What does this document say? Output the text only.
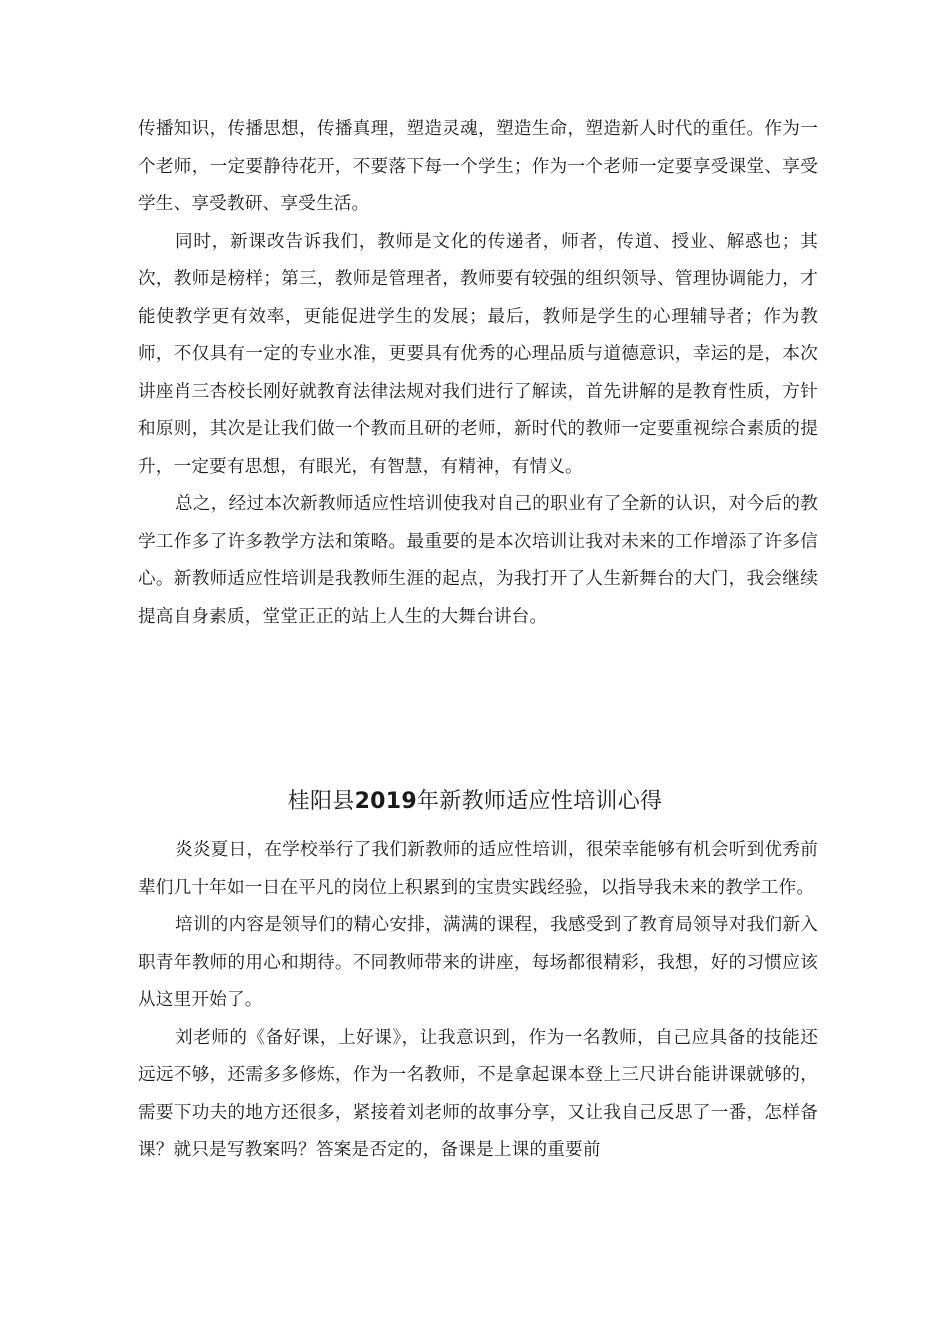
传播知识，传播思想，传播真理，塑造灵魂，塑造生命，塑造新人时代的重任。作为一个老师，一定要静待花开，不要落下每一个学生；作为一个老师一定要享受课堂、享受学生、享受教研、享受生活。

同时，新课改告诉我们，教师是文化的传递者，师者，传道、授业、解惑也；其次，教师是榜样；第三，教师是管理者，教师要有较强的组织领导、管理协调能力，才能使教学更有效率，更能促进学生的发展；最后，教师是学生的心理辅导者；作为教师，不仅具有一定的专业水准，更要具有优秀的心理品质与道德意识，幸运的是，本次讲座肖三杏校长刚好就教育法律法规对我们进行了解读，首先讲解的是教育性质，方针和原则，其次是让我们做一个教而且研的老师，新时代的教师一定要重视综合素质的提升，一定要有思想，有眼光，有智慧，有精神，有情义。

总之，经过本次新教师适应性培训使我对自己的职业有了全新的认识，对今后的教学工作多了许多教学方法和策略。最重要的是本次培训让我对未来的工作增添了许多信心。新教师适应性培训是我教师生涯的起点，为我打开了人生新舞台的大门，我会继续提高自身素质，堂堂正正的站上人生的大舞台讲台。

桂阳县2019年新教师适应性培训心得

炎炎夏日，在学校举行了我们新教师的适应性培训，很荣幸能够有机会听到优秀前辈们几十年如一日在平凡的岗位上积累到的宝贵实践经验，以指导我未来的教学工作。

培训的内容是领导们的精心安排，满满的课程，我感受到了教育局领导对我们新入职青年教师的用心和期待。不同教师带来的讲座，每场都很精彩，我想，好的习惯应该从这里开始了。

刘老师的《备好课，上好课》，让我意识到，作为一名教师，自己应具备的技能还远远不够，还需多多修炼，作为一名教师，不是拿起课本登上三尺讲台能讲课就够的，需要下功夫的地方还很多，紧接着刘老师的故事分享，又让我自己反思了一番，怎样备课？就只是写教案吗？答案是否定的，备课是上课的重要前
